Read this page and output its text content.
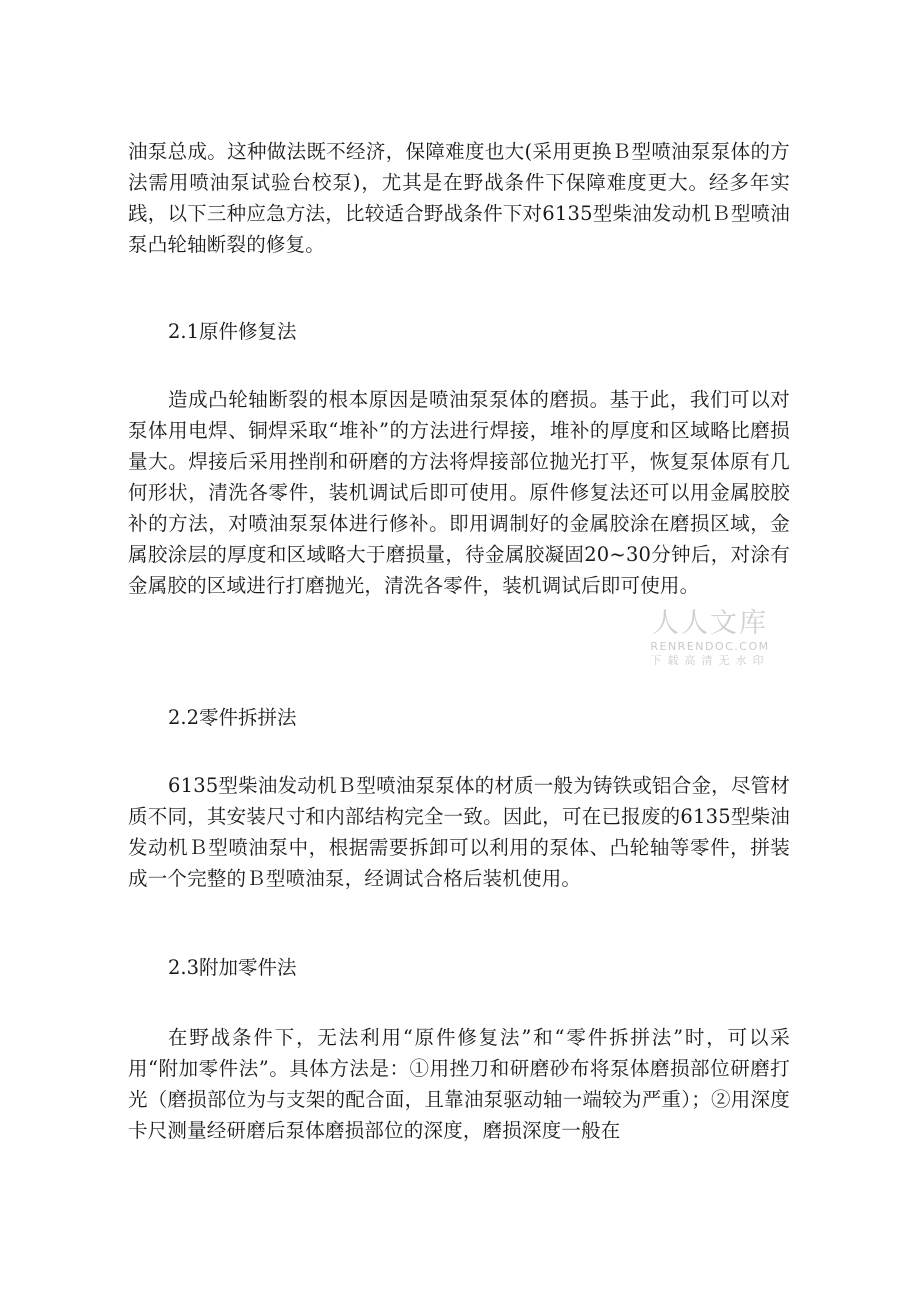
油泵总成。这种做法既不经济，保障难度也大(采用更换Ｂ型喷油泵泵体的方法需用喷油泵试验台校泵)，尤其是在野战条件下保障难度更大。经多年实践，以下三种应急方法，比较适合野战条件下对6135型柴油发动机Ｂ型喷油泵凸轮轴断裂的修复。

2.1原件修复法

造成凸轮轴断裂的根本原因是喷油泵泵体的磨损。基于此，我们可以对泵体用电焊、铜焊采取“堆补”的方法进行焊接，堆补的厚度和区域略比磨损量大。焊接后采用挫削和研磨的方法将焊接部位抛光打平，恢复泵体原有几何形状，清洗各零件，装机调试后即可使用。原件修复法还可以用金属胶胶补的方法，对喷油泵泵体进行修补。即用调制好的金属胶涂在磨损区域，金属胶涂层的厚度和区域略大于磨损量，待金属胶凝固20~30分钟后，对涂有金属胶的区域进行打磨抛光，清洗各零件，装机调试后即可使用。

2.2零件拆拼法

6135型柴油发动机Ｂ型喷油泵泵体的材质一般为铸铁或铝合金，尽管材质不同，其安装尺寸和内部结构完全一致。因此，可在已报废的6135型柴油发动机Ｂ型喷油泵中，根据需要拆卸可以利用的泵体、凸轮轴等零件，拼装成一个完整的Ｂ型喷油泵，经调试合格后装机使用。

2.3附加零件法

在野战条件下，无法利用“原件修复法”和“零件拆拼法”时，可以采用“附加零件法”。具体方法是：①用挫刀和研磨砂布将泵体磨损部位研磨打光（磨损部位为与支架的配合面，且靠油泵驱动轴一端较为严重）；②用深度卡尺测量经研磨后泵体磨损部位的深度，磨损深度一般在

人人文库
RENRENDOC.COM
下载高清无水印
